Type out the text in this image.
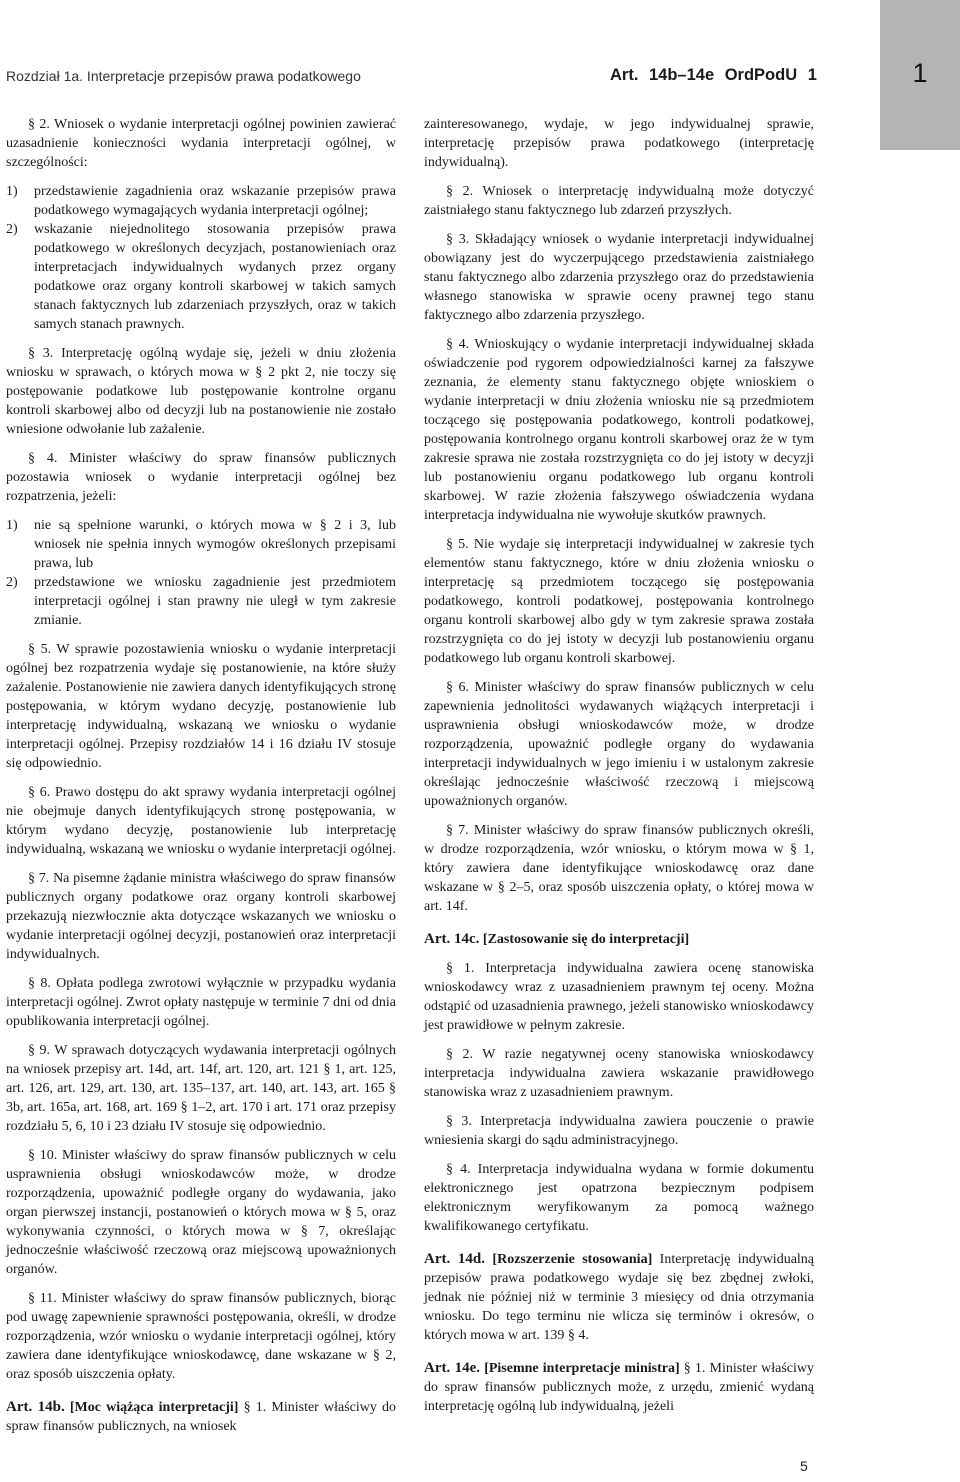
1
Rozdział 1a. Interpretacje przepisów prawa podatkowego	Art. 14b–14e OrdPodU 1

§ 2. Wniosek o wydanie interpretacji ogólnej powinien zawierać uzasadnienie konieczności wydania interpretacji ogólnej, w szczególności:

1) przedstawienie zagadnienia oraz wskazanie przepisów prawa podatkowego wymagających wydania interpretacji ogólnej;
2) wskazanie niejednolitego stosowania przepisów prawa podatkowego w określonych decyzjach, postanowieniach oraz interpretacjach indywidualnych wydanych przez organy podatkowe oraz organy kontroli skarbowej w takich samych stanach faktycznych lub zdarzeniach przyszłych, oraz w takich samych stanach prawnych.

§ 3. Interpretację ogólną wydaje się, jeżeli w dniu złożenia wniosku w sprawach, o których mowa w § 2 pkt 2, nie toczy się postępowanie podatkowe lub postępowanie kontrolne organu kontroli skarbowej albo od decyzji lub na postanowienie nie zostało wniesione odwołanie lub zażalenie.

§ 4. Minister właściwy do spraw finansów publicznych pozostawia wniosek o wydanie interpretacji ogólnej bez rozpatrzenia, jeżeli:

1) nie są spełnione warunki, o których mowa w § 2 i 3, lub wniosek nie spełnia innych wymogów określonych przepisami prawa, lub
2) przedstawione we wniosku zagadnienie jest przedmiotem interpretacji ogólnej i stan prawny nie uległ w tym zakresie zmianie.

§ 5. W sprawie pozostawienia wniosku o wydanie interpretacji ogólnej bez rozpatrzenia wydaje się postanowienie, na które służy zażalenie. Postanowienie nie zawiera danych identyfikujących stronę postępowania, w którym wydano decyzję, postanowienie lub interpretację indywidualną, wskazaną we wniosku o wydanie interpretacji ogólnej. Przepisy rozdziałów 14 i 16 działu IV stosuje się odpowiednio.

§ 6. Prawo dostępu do akt sprawy wydania interpretacji ogólnej nie obejmuje danych identyfikujących stronę postępowania, w którym wydano decyzję, postanowienie lub interpretację indywidualną, wskazaną we wniosku o wydanie interpretacji ogólnej.

§ 7. Na pisemne żądanie ministra właściwego do spraw finansów publicznych organy podatkowe oraz organy kontroli skarbowej przekazują niezwłocznie akta dotyczące wskazanych we wniosku o wydanie interpretacji ogólnej decyzji, postanowień oraz interpretacji indywidualnych.

§ 8. Opłata podlega zwrotowi wyłącznie w przypadku wydania interpretacji ogólnej. Zwrot opłaty następuje w terminie 7 dni od dnia opublikowania interpretacji ogólnej.

§ 9. W sprawach dotyczących wydawania interpretacji ogólnych na wniosek przepisy art. 14d, art. 14f, art. 120, art. 121 § 1, art. 125, art. 126, art. 129, art. 130, art. 135–137, art. 140, art. 143, art. 165 § 3b, art. 165a, art. 168, art. 169 § 1–2, art. 170 i art. 171 oraz przepisy rozdziału 5, 6, 10 i 23 działu IV stosuje się odpowiednio.

§ 10. Minister właściwy do spraw finansów publicznych w celu usprawnienia obsługi wnioskodawców może, w drodze rozporządzenia, upoważnić podległe organy do wydawania, jako organ pierwszej instancji, postanowień o których mowa w § 5, oraz wykonywania czynności, o których mowa w § 7, określając jednocześnie właściwość rzeczową oraz miejscową upoważnionych organów.

§ 11. Minister właściwy do spraw finansów publicznych, biorąc pod uwagę zapewnienie sprawności postępowania, określi, w drodze rozporządzenia, wzór wniosku o wydanie interpretacji ogólnej, który zawiera dane identyfikujące wnioskodawcę, dane wskazane w § 2, oraz sposób uiszczenia opłaty.

Art. 14b. [Moc wiążąca interpretacji] § 1. Minister właściwy do spraw finansów publicznych, na wniosek

zainteresowanego, wydaje, w jego indywidualnej sprawie, interpretację przepisów prawa podatkowego (interpretację indywidualną).

§ 2. Wniosek o interpretację indywidualną może dotyczyć zaistniałego stanu faktycznego lub zdarzeń przyszłych.

§ 3. Składający wniosek o wydanie interpretacji indywidualnej obowiązany jest do wyczerpującego przedstawienia zaistniałego stanu faktycznego albo zdarzenia przyszłego oraz do przedstawienia własnego stanowiska w sprawie oceny prawnej tego stanu faktycznego albo zdarzenia przyszłego.

§ 4. Wnioskujący o wydanie interpretacji indywidualnej składa oświadczenie pod rygorem odpowiedzialności karnej za fałszywe zeznania, że elementy stanu faktycznego objęte wnioskiem o wydanie interpretacji w dniu złożenia wniosku nie są przedmiotem toczącego się postępowania podatkowego, kontroli podatkowej, postępowania kontrolnego organu kontroli skarbowej oraz że w tym zakresie sprawa nie została rozstrzygnięta co do jej istoty w decyzji lub postanowieniu organu podatkowego lub organu kontroli skarbowej. W razie złożenia fałszywego oświadczenia wydana interpretacja indywidualna nie wywołuje skutków prawnych.

§ 5. Nie wydaje się interpretacji indywidualnej w zakresie tych elementów stanu faktycznego, które w dniu złożenia wniosku o interpretację są przedmiotem toczącego się postępowania podatkowego, kontroli podatkowej, postępowania kontrolnego organu kontroli skarbowej albo gdy w tym zakresie sprawa została rozstrzygnięta co do jej istoty w decyzji lub postanowieniu organu podatkowego lub organu kontroli skarbowej.

§ 6. Minister właściwy do spraw finansów publicznych w celu zapewnienia jednolitości wydawanych wiążących interpretacji i usprawnienia obsługi wnioskodawców może, w drodze rozporządzenia, upoważnić podległe organy do wydawania interpretacji indywidualnych w jego imieniu i w ustalonym zakresie określając jednocześnie właściwość rzeczową i miejscową upoważnionych organów.

§ 7. Minister właściwy do spraw finansów publicznych określi, w drodze rozporządzenia, wzór wniosku, o którym mowa w § 1, który zawiera dane identyfikujące wnioskodawcę oraz dane wskazane w § 2–5, oraz sposób uiszczenia opłaty, o której mowa w art. 14f.

Art. 14c. [Zastosowanie się do interpretacji]

§ 1. Interpretacja indywidualna zawiera ocenę stanowiska wnioskodawcy wraz z uzasadnieniem prawnym tej oceny. Można odstąpić od uzasadnienia prawnego, jeżeli stanowisko wnioskodawcy jest prawidłowe w pełnym zakresie.

§ 2. W razie negatywnej oceny stanowiska wnioskodawcy interpretacja indywidualna zawiera wskazanie prawidłowego stanowiska wraz z uzasadnieniem prawnym.

§ 3. Interpretacja indywidualna zawiera pouczenie o prawie wniesienia skargi do sądu administracyjnego.

§ 4. Interpretacja indywidualna wydana w formie dokumentu elektronicznego jest opatrzona bezpiecznym podpisem elektronicznym weryfikowanym za pomocą ważnego kwalifikowanego certyfikatu.

Art. 14d. [Rozszerzenie stosowania] Interpretację indywidualną przepisów prawa podatkowego wydaje się bez zbędnej zwłoki, jednak nie później niż w terminie 3 miesięcy od dnia otrzymania wniosku. Do tego terminu nie wlicza się terminów i okresów, o których mowa w art. 139 § 4.

Art. 14e. [Pisemne interpretacje ministra] § 1. Minister właściwy do spraw finansów publicznych może, z urzędu, zmienić wydaną interpretację ogólną lub indywidualną, jeżeli

5
